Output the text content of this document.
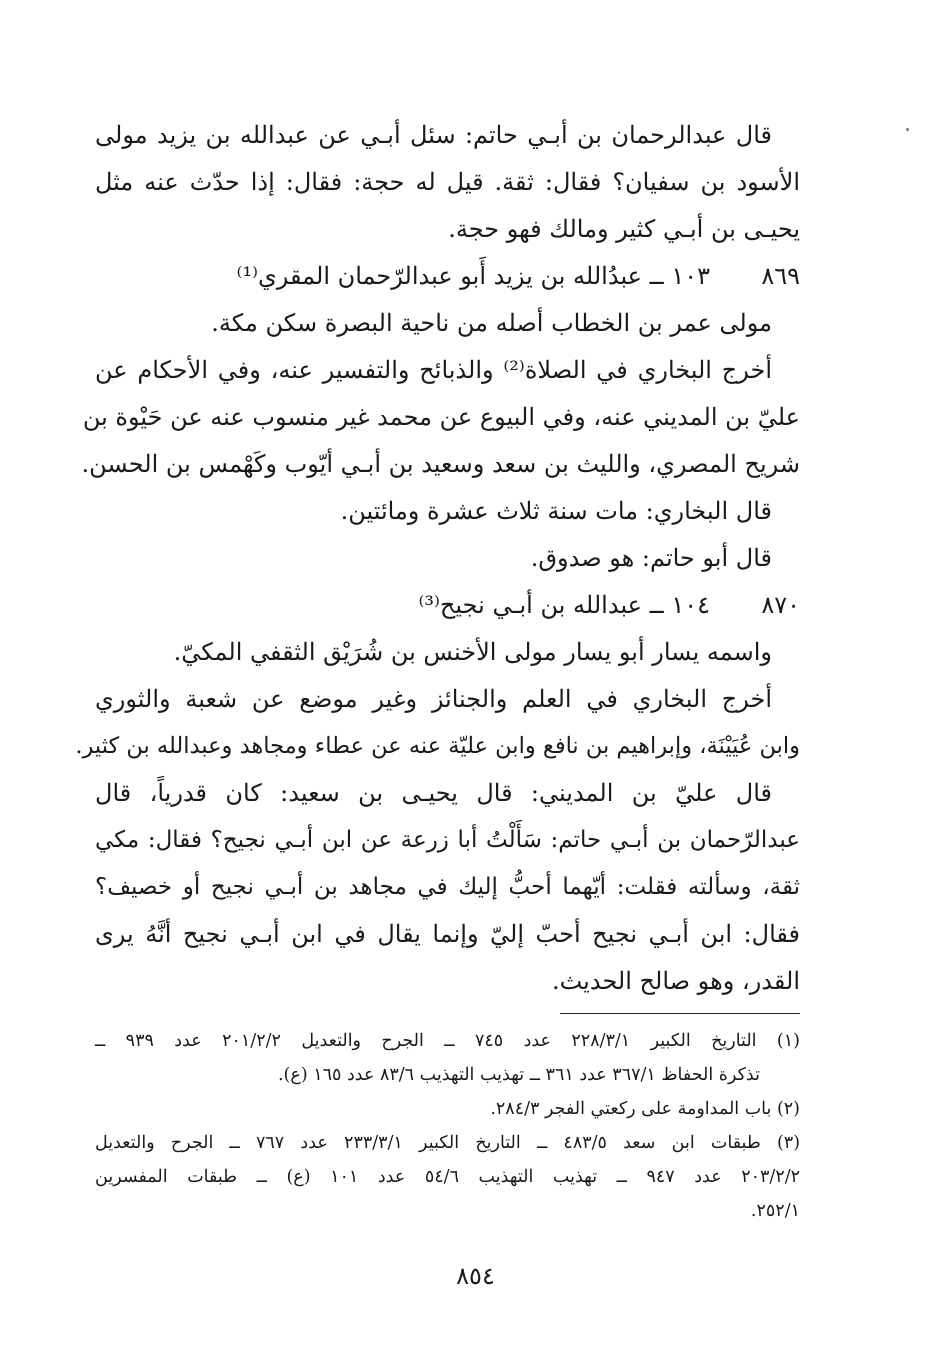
قال عبدالرحمان بن أبـي حاتم: سئل أبـي عن عبدالله بن يزيد مولى
الأسود بن سفيان؟ فقال: ثقة. قيل له حجة: فقال: إذا حدّث عنه مثل
يحيـى بن أبـي كثير ومالك فهو حجة.
٨٦٩
١٠٣ ــ عبدُالله بن يزيد أَبو عبدالرّحمان المقري⁽¹⁾
مولى عمر بن الخطاب أصله من ناحية البصرة سكن مكة.
أخرج البخاري في الصلاة⁽²⁾ والذبائح والتفسير عنه، وفي الأحكام عن
عليّ بن المديني عنه، وفي البيوع عن محمد غير منسوب عنه عن حَيْوة بن
شريح المصري، والليث بن سعد وسعيد بن أبـي أيّوب وكَهْمس بن الحسن.
قال البخاري: مات سنة ثلاث عشرة ومائتين.
قال أبو حاتم: هو صدوق.
٨٧٠
١٠٤ ــ عبدالله بن أبـي نجيح⁽³⁾
واسمه يسار أبو يسار مولى الأخنس بن شُرَيْق الثقفي المكيّ.
أخرج البخاري في العلم والجنائز وغير موضع عن شعبة والثوري
وابن عُيَيْنَة، وإبراهيم بن نافع وابن عليّة عنه عن عطاء ومجاهد وعبدالله بن كثير.
قال عليّ بن المديني: قال يحيـى بن سعيد: كان قدرياً، قال
عبدالرّحمان بن أبـي حاتم: سَأَلْتُ أبا زرعة عن ابن أبـي نجيح؟ فقال: مكي
ثقة، وسألته فقلت: أيّهما أحبُّ إليك في مجاهد بن أبـي نجيح أو خصيف؟
فقال: ابن أبـي نجيح أحبّ إليّ وإنما يقال في ابن أبـي نجيح أنَّهُ يرى
القدر، وهو صالح الحديث.
(١) التاريخ الكبير ٢٢٨/٣/١ عدد ٧٤٥ ــ الجرح والتعديل ٢٠١/٢/٢ عدد ٩٣٩ ــ
تذكرة الحفاظ ٣٦٧/١ عدد ٣٦١ ــ تهذيب التهذيب ٨٣/٦ عدد ١٦٥ (ع).
(٢) باب المداومة على ركعتي الفجر ٢٨٤/٣.
(٣) طبقات ابن سعد ٤٨٣/٥ ــ التاريخ الكبير ٢٣٣/٣/١ عدد ٧٦٧ ــ الجرح والتعديل
٢٠٣/٢/٢ عدد ٩٤٧ ــ تهذيب التهذيب ٥٤/٦ عدد ١٠١ (ع) ــ طبقات المفسرين
٢٥٢/١.
٨٥٤
